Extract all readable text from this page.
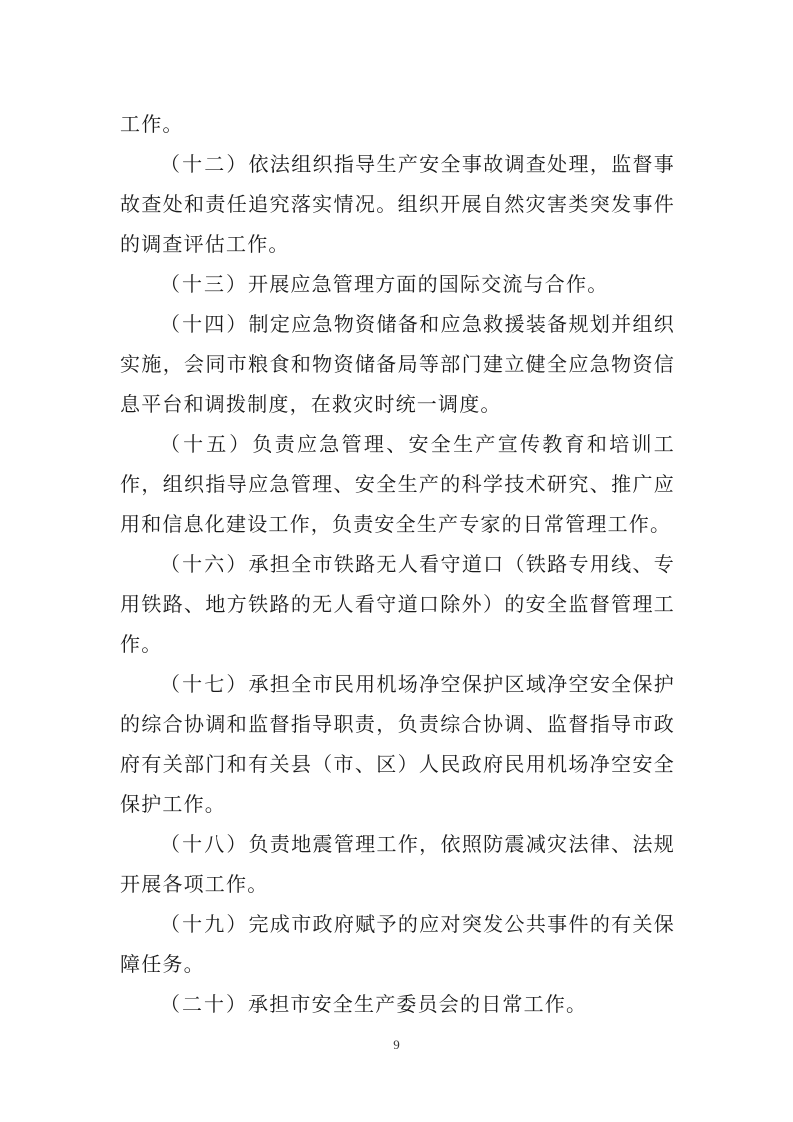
工作。

（十二）依法组织指导生产安全事故调查处理，监督事故查处和责任追究落实情况。组织开展自然灾害类突发事件的调查评估工作。

（十三）开展应急管理方面的国际交流与合作。

（十四）制定应急物资储备和应急救援装备规划并组织实施，会同市粮食和物资储备局等部门建立健全应急物资信息平台和调拨制度，在救灾时统一调度。

（十五）负责应急管理、安全生产宣传教育和培训工作，组织指导应急管理、安全生产的科学技术研究、推广应用和信息化建设工作，负责安全生产专家的日常管理工作。

（十六）承担全市铁路无人看守道口（铁路专用线、专用铁路、地方铁路的无人看守道口除外）的安全监督管理工作。

（十七）承担全市民用机场净空保护区域净空安全保护的综合协调和监督指导职责，负责综合协调、监督指导市政府有关部门和有关县（市、区）人民政府民用机场净空安全保护工作。

（十八）负责地震管理工作，依照防震减灾法律、法规开展各项工作。

（十九）完成市政府赋予的应对突发公共事件的有关保障任务。

（二十）承担市安全生产委员会的日常工作。

9
